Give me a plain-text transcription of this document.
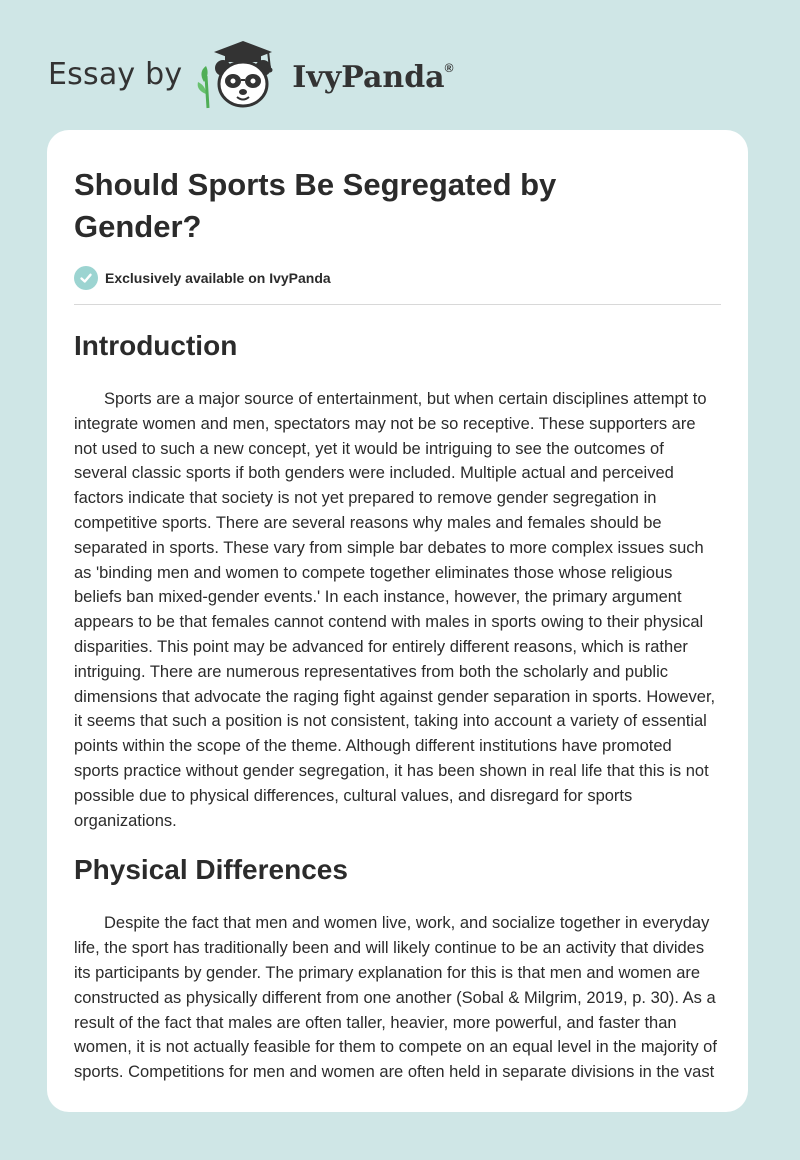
Essay by	IvyPanda®
Should Sports Be Segregated by Gender?
Exclusively available on IvyPanda
Introduction

Sports are a major source of entertainment, but when certain disciplines attempt to integrate women and men, spectators may not be so receptive. These supporters are not used to such a new concept, yet it would be intriguing to see the outcomes of several classic sports if both genders were included. Multiple actual and perceived factors indicate that society is not yet prepared to remove gender segregation in competitive sports. There are several reasons why males and females should be separated in sports. These vary from simple bar debates to more complex issues such as 'binding men and women to compete together eliminates those whose religious beliefs ban mixed-gender events.' In each instance, however, the primary argument appears to be that females cannot contend with males in sports owing to their physical disparities. This point may be advanced for entirely different reasons, which is rather intriguing. There are numerous representatives from both the scholarly and public dimensions that advocate the raging fight against gender separation in sports. However, it seems that such a position is not consistent, taking into account a variety of essential points within the scope of the theme. Although different institutions have promoted sports practice without gender segregation, it has been shown in real life that this is not possible due to physical differences, cultural values, and disregard for sports organizations.

Physical Differences

Despite the fact that men and women live, work, and socialize together in everyday life, the sport has traditionally been and will likely continue to be an activity that divides its participants by gender. The primary explanation for this is that men and women are constructed as physically different from one another (Sobal & Milgrim, 2019, p. 30). As a result of the fact that males are often taller, heavier, more powerful, and faster than women, it is not actually feasible for them to compete on an equal level in the majority of sports. Competitions for men and women are often held in separate divisions in the vast
